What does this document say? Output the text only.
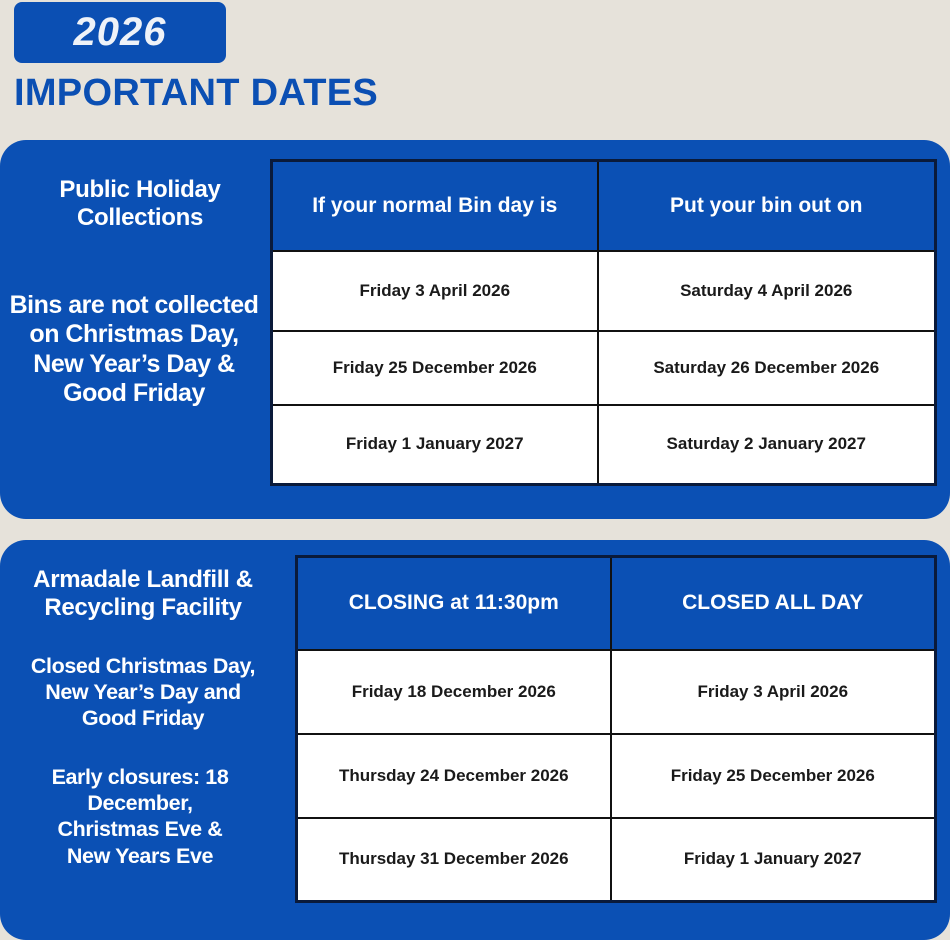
2026
IMPORTANT DATES
Public Holiday Collections
Bins are not collected on Christmas Day, New Year’s Day & Good Friday
If your normal Bin day is	Put your bin out on
Friday 3 April 2026	Saturday 4 April 2026
Friday 25 December 2026	Saturday 26 December 2026
Friday 1 January 2027	Saturday 2 January 2027
Armadale Landfill & Recycling Facility
Closed Christmas Day, New Year’s Day and Good Friday
Early closures: 18 December, Christmas Eve & New Years Eve
CLOSING at 11:30pm	CLOSED ALL DAY
Friday 18 December 2026	Friday 3 April 2026
Thursday 24 December 2026	Friday 25 December 2026
Thursday 31 December 2026	Friday 1 January 2027
